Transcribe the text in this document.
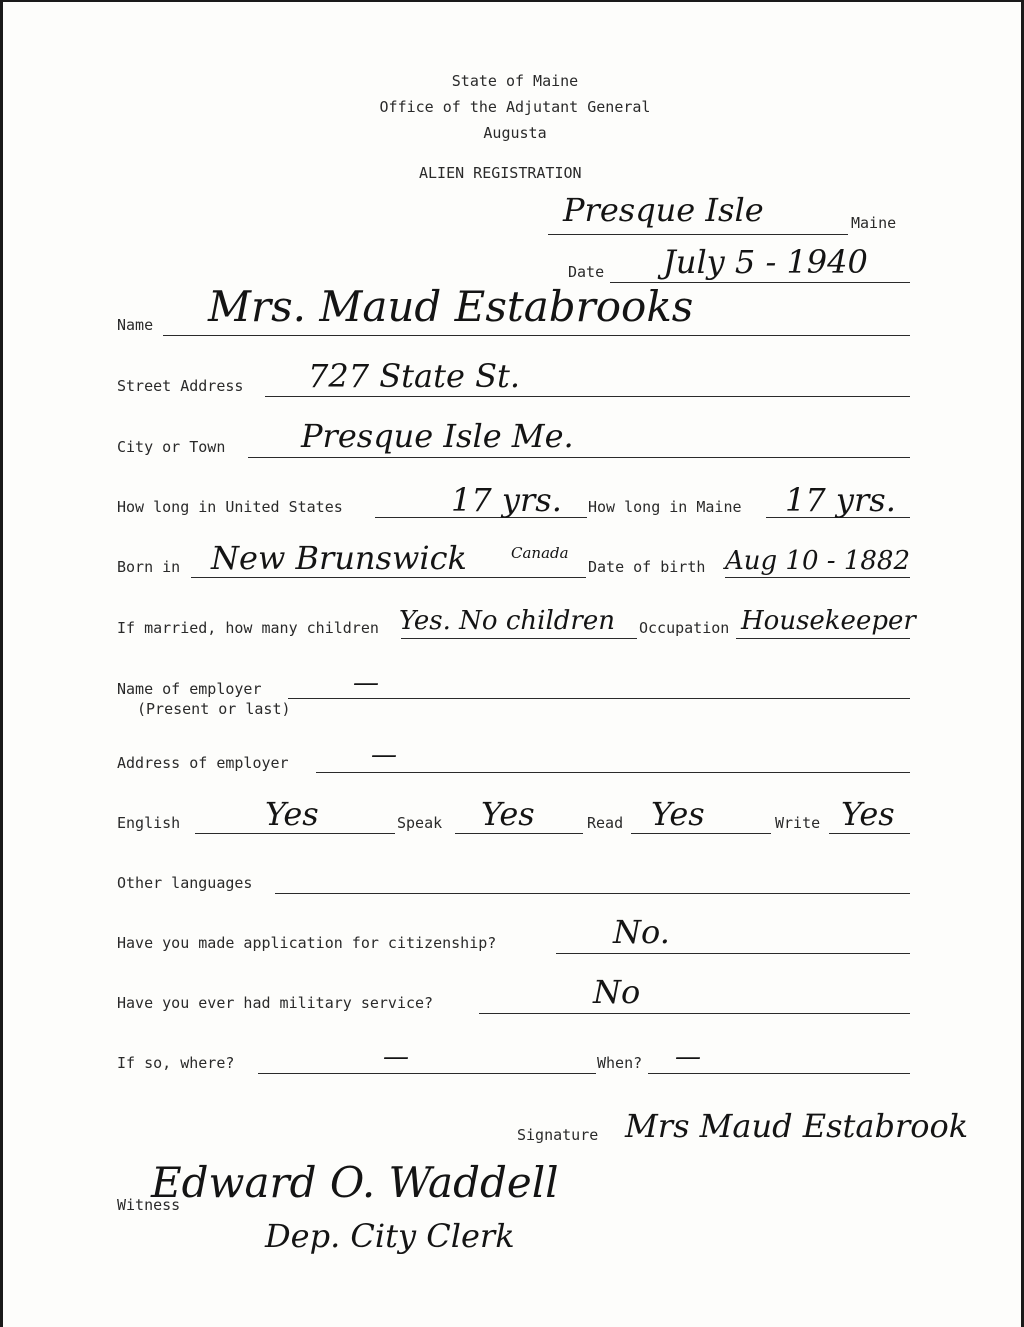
State of Maine
Office of the Adjutant General
Augusta
ALIEN REGISTRATION
Presque Isle	Maine
Date July 5 - 1940
Name Mrs. Maud Estabrooks
Street Address 727 State St.
City or Town Presque Isle Me.
How long in United States	17 yrs. How long in Maine 17 yrs.
Born in New Brunswick	Canada
Date of birth Aug 10 - 1882
If married, how many children Yes. No children Occupation Housekeeper
Name of employer
(Present or last)
—
Address of employer	—
English	Yes	Speak Yes	Read Yes	Write Yes
Other languages
Have you made application for citizenship?	No.
Have you ever had military service?	No
If so, where?	—	When? —
Signature Mrs Maud Estabrook
Witness
Edward O. Waddell
Dep. City Clerk
